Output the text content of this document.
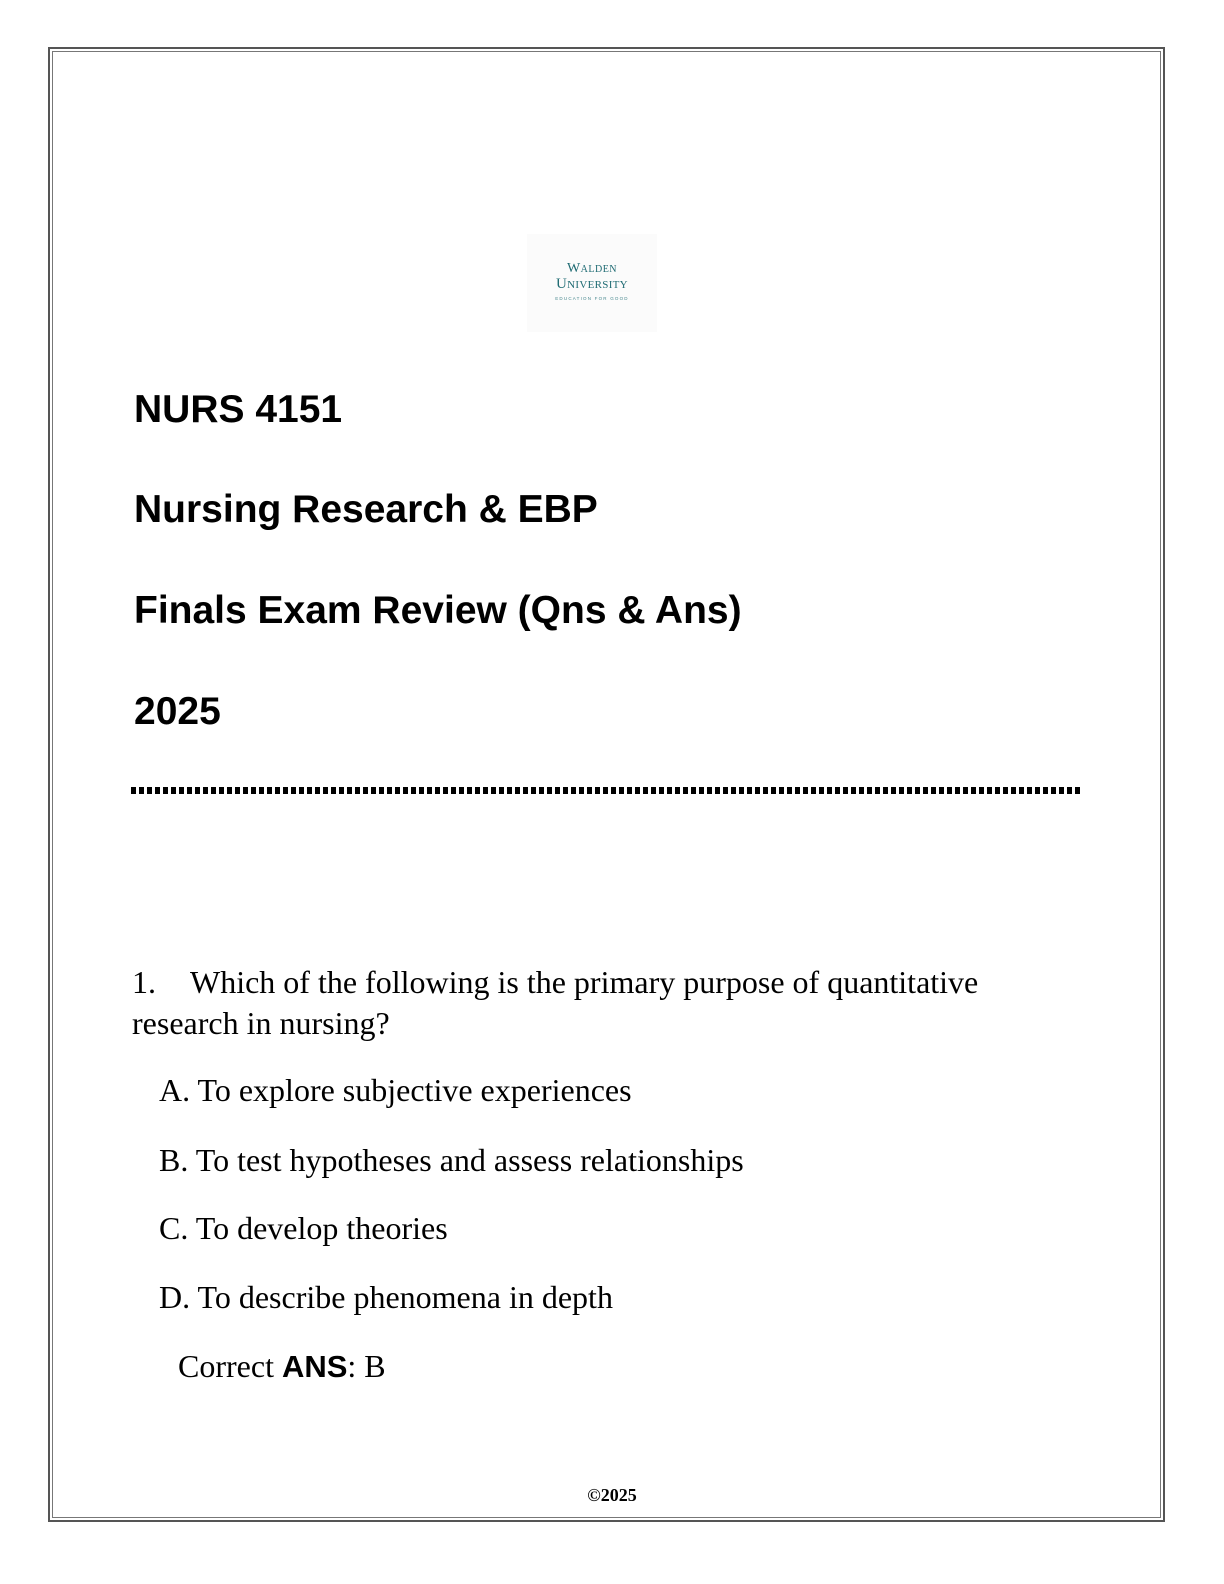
Walden
University
EDUCATION FOR GOOD
NURS 4151
Nursing Research & EBP
Finals Exam Review (Qns & Ans)
2025
1. Which of the following is the primary purpose of quantitative research in nursing?
A. To explore subjective experiences
B. To test hypotheses and assess relationships
C. To develop theories
D. To describe phenomena in depth
Correct ANS: B
©2025
